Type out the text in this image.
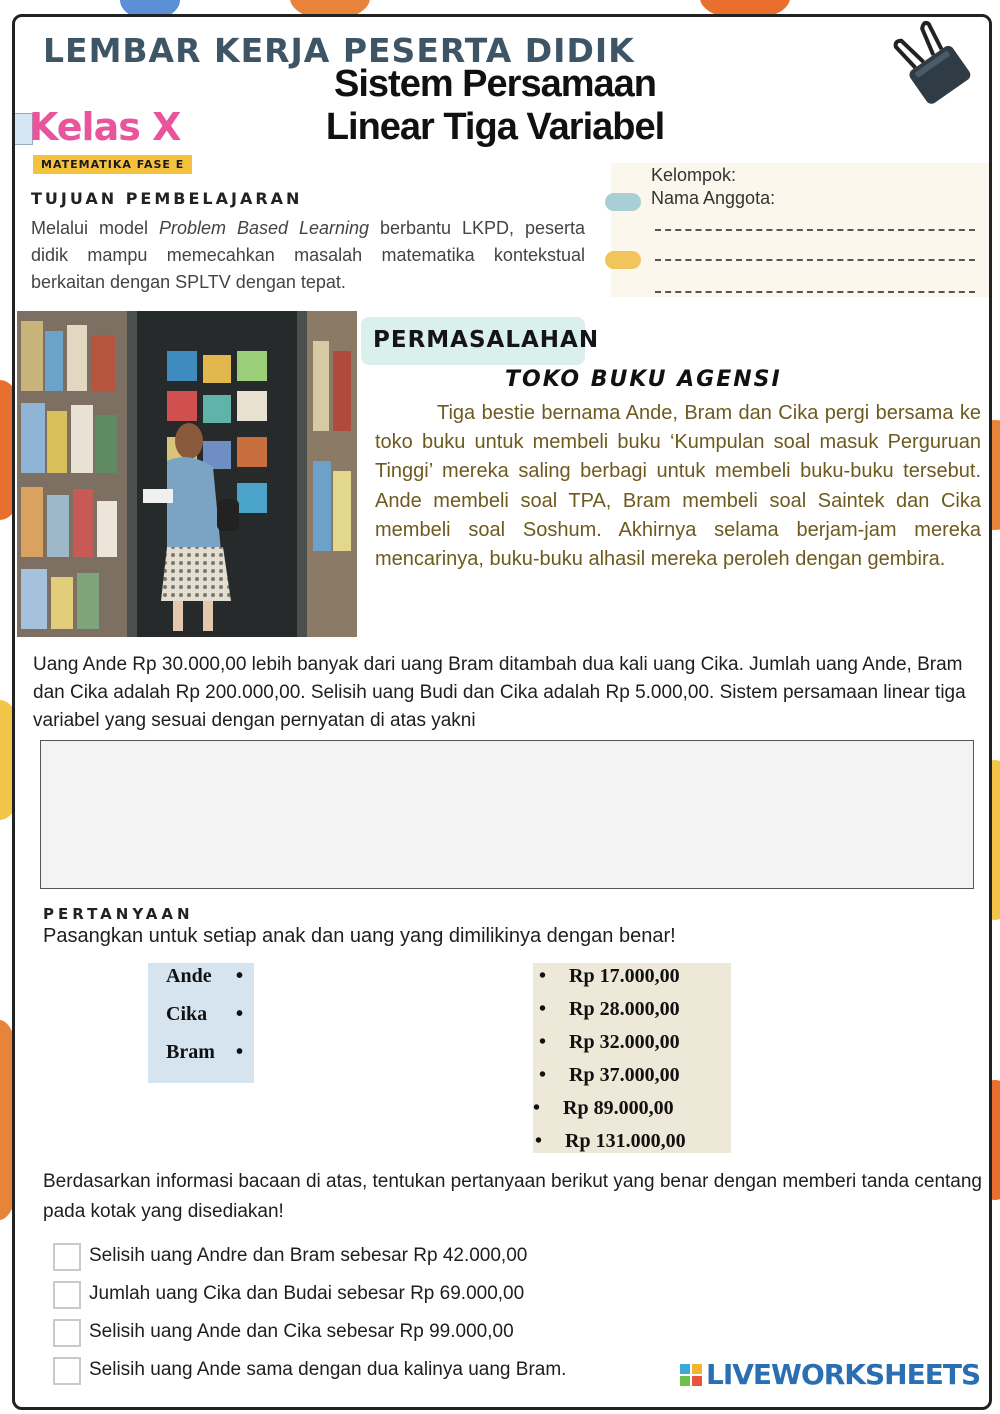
LEMBAR KERJA PESERTA DIDIK
Sistem Persamaan
Linear Tiga Variabel
Kelas X
MATEMATIKA FASE E
TUJUAN PEMBELAJARAN
Melalui model Problem Based Learning berbantu LKPD, peserta didik mampu memecahkan masalah matematika kontekstual berkaitan dengan SPLTV dengan tepat.
Kelompok:
Nama Anggota:
PERMASALAHAN
TOKO BUKU AGENSI
Tiga bestie bernama Ande, Bram dan Cika pergi bersama ke toko buku untuk membeli buku ‘Kumpulan soal masuk Perguruan Tinggi’ mereka saling berbagi untuk membeli buku-buku tersebut. Ande membeli soal TPA, Bram membeli soal Saintek dan Cika membeli soal Soshum. Akhirnya selama berjam-jam mereka mencarinya, buku-buku alhasil mereka peroleh dengan gembira.
Uang Ande Rp 30.000,00 lebih banyak dari uang Bram ditambah dua kali uang Cika. Jumlah uang Ande, Bram dan Cika adalah Rp 200.000,00. Selisih uang Budi dan Cika adalah Rp 5.000,00. Sistem persamaan linear tiga variabel yang sesuai dengan pernyatan di atas yakni
PERTANYAAN
Pasangkan untuk setiap anak dan uang yang dimilikinya dengan benar!
Ande •
Cika •
Bram •
• Rp 17.000,00
• Rp 28.000,00
• Rp 32.000,00
• Rp 37.000,00
• Rp 89.000,00
• Rp 131.000,00
Berdasarkan informasi bacaan di atas, tentukan pertanyaan berikut yang benar dengan memberi tanda centang pada kotak yang disediakan!
Selisih uang Andre dan Bram sebesar Rp 42.000,00
Jumlah uang Cika dan Budai sebesar Rp 69.000,00
Selisih uang Ande dan Cika sebesar Rp 99.000,00
Selisih uang Ande sama dengan dua kalinya uang Bram.	LIVEWORKSHEETS
